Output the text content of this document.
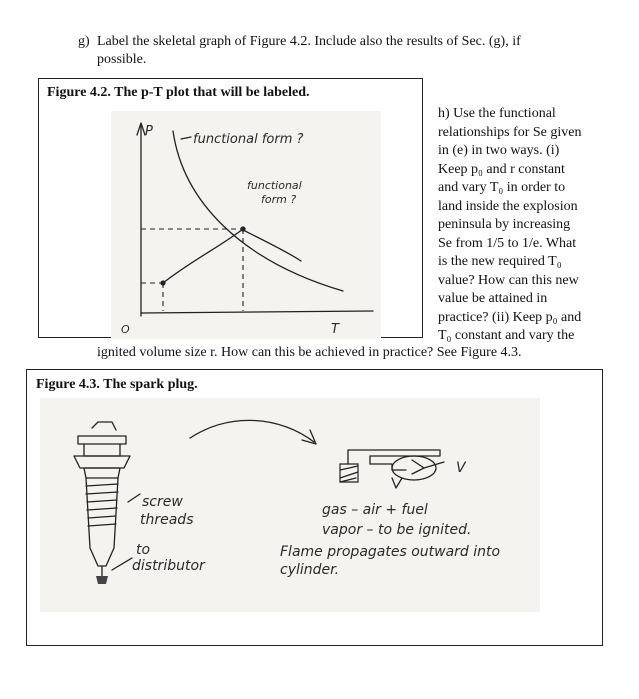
g) Label the skeletal graph of Figure 4.2. Include also the results of Sec. (g), if
possible.
Figure 4.2. The p-T plot that will be labeled.
P
T
O
functional form ?
functional
form ?

h) Use the functional

relationships for Se given

in (e) in two ways. (i)

Keep p₀ and r constant

and vary T₀ in order to

land inside the explosion

peninsula by increasing

Se from 1/5 to 1/e. What

is the new required T₀

value? How can this new

value be attained in

practice? (ii) Keep p₀ and

T₀ constant and vary the

ignited volume size r. How can this be achieved in practice? See Figure 4.3.
Figure 4.3. The spark plug.
screw
threads
to
distributor
V
gas – air + fuel
vapor – to be ignited.
Flame propagates outward into
cylinder.
